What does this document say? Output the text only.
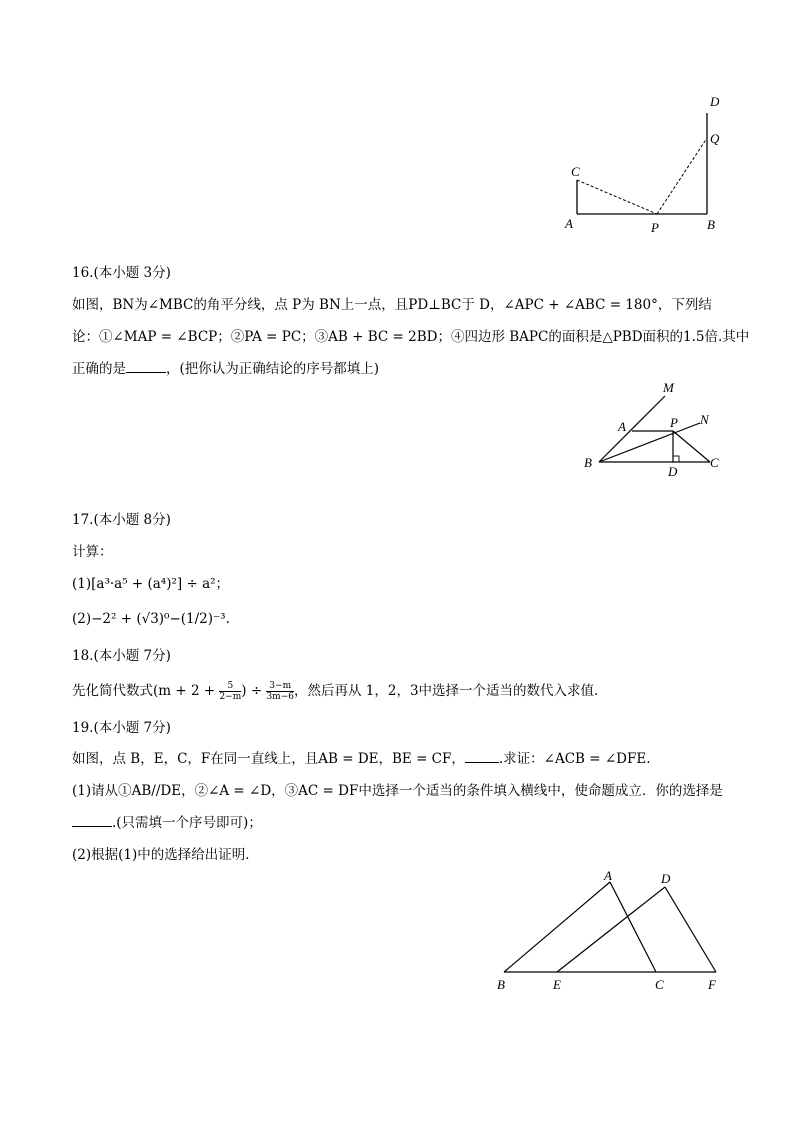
D
Q
C
A	P	B
16.(本小题 3分)
如图，BN为∠MBC的角平分线，点 P为 BN上一点，且PD⊥BC于 D，∠APC + ∠ABC = 180°，下列结
论：①∠MAP = ∠BCP；②PA = PC；③AB + BC = 2BD；④四边形 BAPC的面积是△PBD面积的1.5倍.其中
正确的是	，(把你认为正确结论的序号都填上)
M
A	P N
B
D
C
17.(本小题 8分)
计算：
(1)[a³·a⁵ + (a⁴)²] ÷ a²；
(2)−2² + (√3)⁰−(1/2)⁻³.
18.(本小题 7分)
先化简代数式($m + 2 + \frac{5}{2-m}$ ) ÷ $\frac{3-m}{3m-6}$ ，然后再从 1，2，3中选择一个适当的数代入求值.
19.(本小题 7分)
如图，点 B，E，C，F在同一直线上，且AB = DE，BE = CF，	.求证：∠ACB = ∠DFE.
(1)请从①AB//DE，②∠A = ∠D，③AC = DF中选择一个适当的条件填入横线中，使命题成立．你的选择是
.(只需填一个序号即可)；
(2)根据(1)中的选择给出证明．
A	D
B	E	C	F
